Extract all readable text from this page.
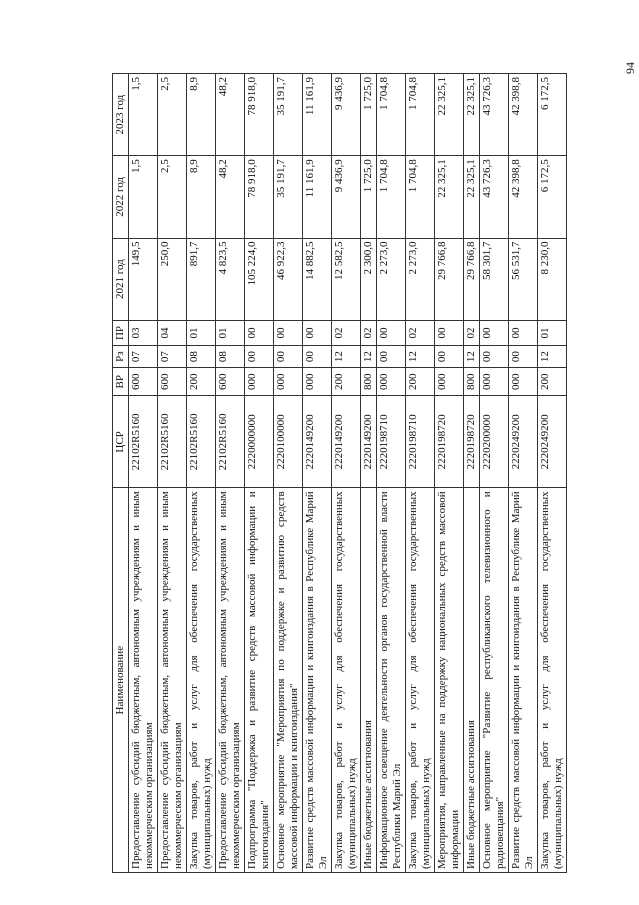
94
Наименование	ЦСР	ВР	Рз	ПР	2021 год	2022 год	2023 год
Предоставление субсидий бюджетным, автономным учреждениям и иным некоммерческим организациям	22102R5160	600	07	03	149,5	1,5	1,5
Предоставление субсидий бюджетным, автономным учреждениям и иным некоммерческим организациям	22102R5160	600	07	04	250,0	2,5	2,5
Закупка товаров, работ и услуг для обеспечения государственных (муниципальных) нужд	22102R5160	200	08	01	891,7	8,9	8,9
Предоставление субсидий бюджетным, автономным учреждениям и иным некоммерческим организациям	22102R5160	600	08	01	4 823,5	48,2	48,2
Подпрограмма "Поддержка и развитие средств массовой информации и книгоиздания"	2220000000	000	00	00	105 224,0	78 918,0	78 918,0
Основное мероприятие "Мероприятия по поддержке и развитию средств массовой информации и книгоиздания"	2220100000	000	00	00	46 922,3	35 191,7	35 191,7
Развитие средств массовой информации и книгоиздания в Республике Марий Эл	2220149200	000	00	00	14 882,5	11 161,9	11 161,9
Закупка товаров, работ и услуг для обеспечения государственных (муниципальных) нужд	2220149200	200	12	02	12 582,5	9 436,9	9 436,9
Иные бюджетные ассигнования	2220149200	800	12	02	2 300,0	1 725,0	1 725,0
Информационное освещение деятельности органов государственной власти Республики Марий Эл	2220198710	000	00	00	2 273,0	1 704,8	1 704,8
Закупка товаров, работ и услуг для обеспечения государственных (муниципальных) нужд	2220198710	200	12	02	2 273,0	1 704,8	1 704,8
Мероприятия, направленные на поддержку национальных средств массовой информации	2220198720	000	00	00	29 766,8	22 325,1	22 325,1
Иные бюджетные ассигнования	2220198720	800	12	02	29 766,8	22 325,1	22 325,1
Основное мероприятие "Развитие республиканского телевизионного и радиовещания"	2220200000	000	00	00	58 301,7	43 726,3	43 726,3
Развитие средств массовой информации и книгоиздания в Республике Марий Эл	2220249200	000	00	00	56 531,7	42 398,8	42 398,8
Закупка товаров, работ и услуг для обеспечения государственных (муниципальных) нужд	2220249200	200	12	01	8 230,0	6 172,5	6 172,5
